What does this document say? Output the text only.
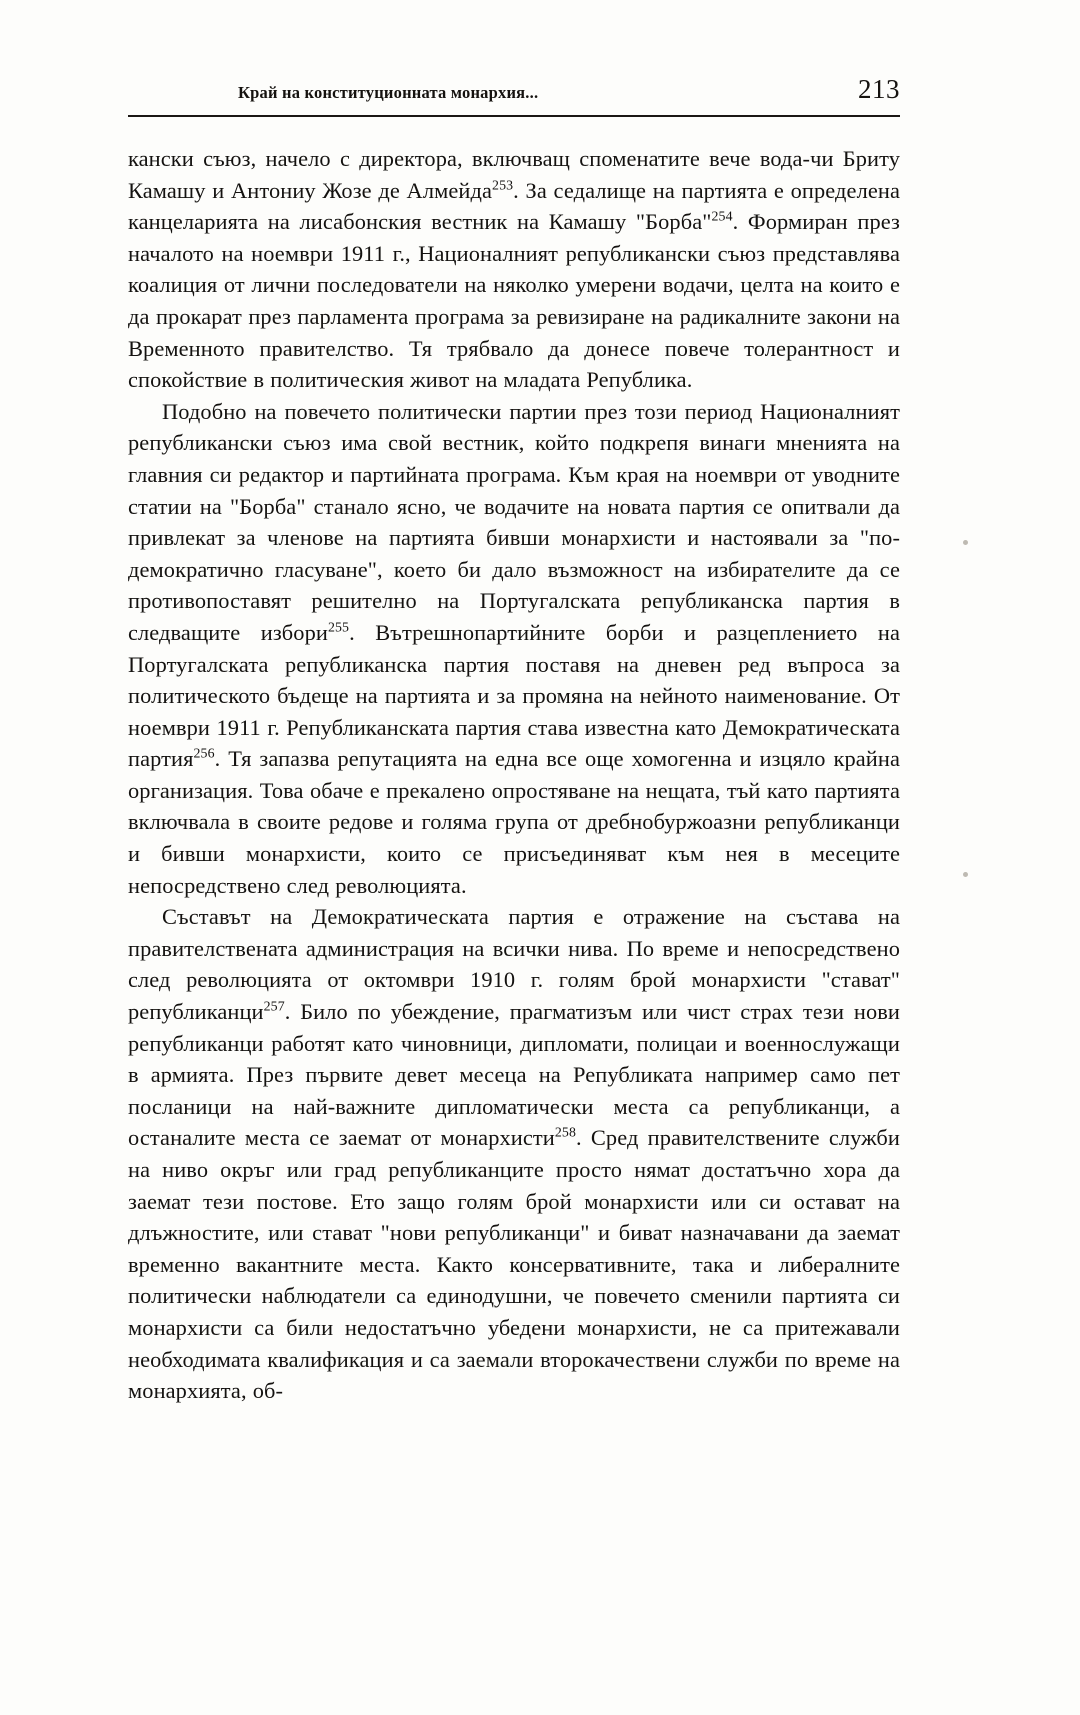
Край на конституционната монархия...	213

кански съюз, начело с директора, включващ споменатите вече вода-чи Бриту Камашу и Антониу Жозе де Алмейда$^{253}$. За седалище на партията е определена канцеларията на лисабонския вестник на Камашу "Борба"$^{254}$. Формиран през началото на ноември 1911 г., Националният републикански съюз представлява коалиция от лични последователи на няколко умерени водачи, целта на които е да прокарат през парламента програма за ревизиране на радикалните закони на Временното правителство. Тя трябвало да донесе повече толерантност и спокойствие в политическия живот на младата Република.

Подобно на повечето политически партии през този период Националният републикански съюз има свой вестник, който подкрепя винаги мненията на главния си редактор и партийната програма. Към края на ноември от уводните статии на "Борба" станало ясно, че водачите на новата партия се опитвали да привлекат за членове на партията бивши монархисти и настоявали за "по-демократично гласуване", което би дало възможност на избирателите да се противопоставят решително на Португалската републиканска партия в следващите избори$^{255}$. Вътрешнопартийните борби и разцеплението на Португалската републиканска партия поставя на дневен ред въпроса за политическото бъдеще на партията и за промяна на нейното наименование. От ноември 1911 г. Републиканската партия става известна като Демократическата партия$^{256}$. Тя запазва репутацията на една все още хомогенна и изцяло крайна организация. Това обаче е прекалено опростяване на нещата, тъй като партията включвала в своите редове и голяма група от дребнобуржоазни републиканци и бивши монархисти, които се присъединяват към нея в месеците непосредствено след революцията.

Съставът на Демократическата партия е отражение на състава на правителствената администрация на всички нива. По време и непосредствено след революцията от октомври 1910 г. голям брой монархисти "стават" републиканци$^{257}$. Било по убеждение, прагматизъм или чист страх тези нови републиканци работят като чиновници, дипломати, полицаи и военнослужащи в армията. През първите девет месеца на Републиката например само пет посланици на най-важните дипломатически места са републиканци, а останалите места се заемат от монархисти$^{258}$. Сред правителствените служби на ниво окръг или град републиканците просто нямат достатъчно хора да заемат тези постове. Ето защо голям брой монархисти или си остават на длъжностите, или стават "нови републиканци" и биват назначавани да заемат временно вакантните места. Както консервативните, така и либералните политически наблюдатели са единодушни, че повечето сменили партията си монархисти са били недостатъчно убедени монархисти, не са притежавали необходимата квалификация и са заемали второкачествени служби по време на монархията, об-
